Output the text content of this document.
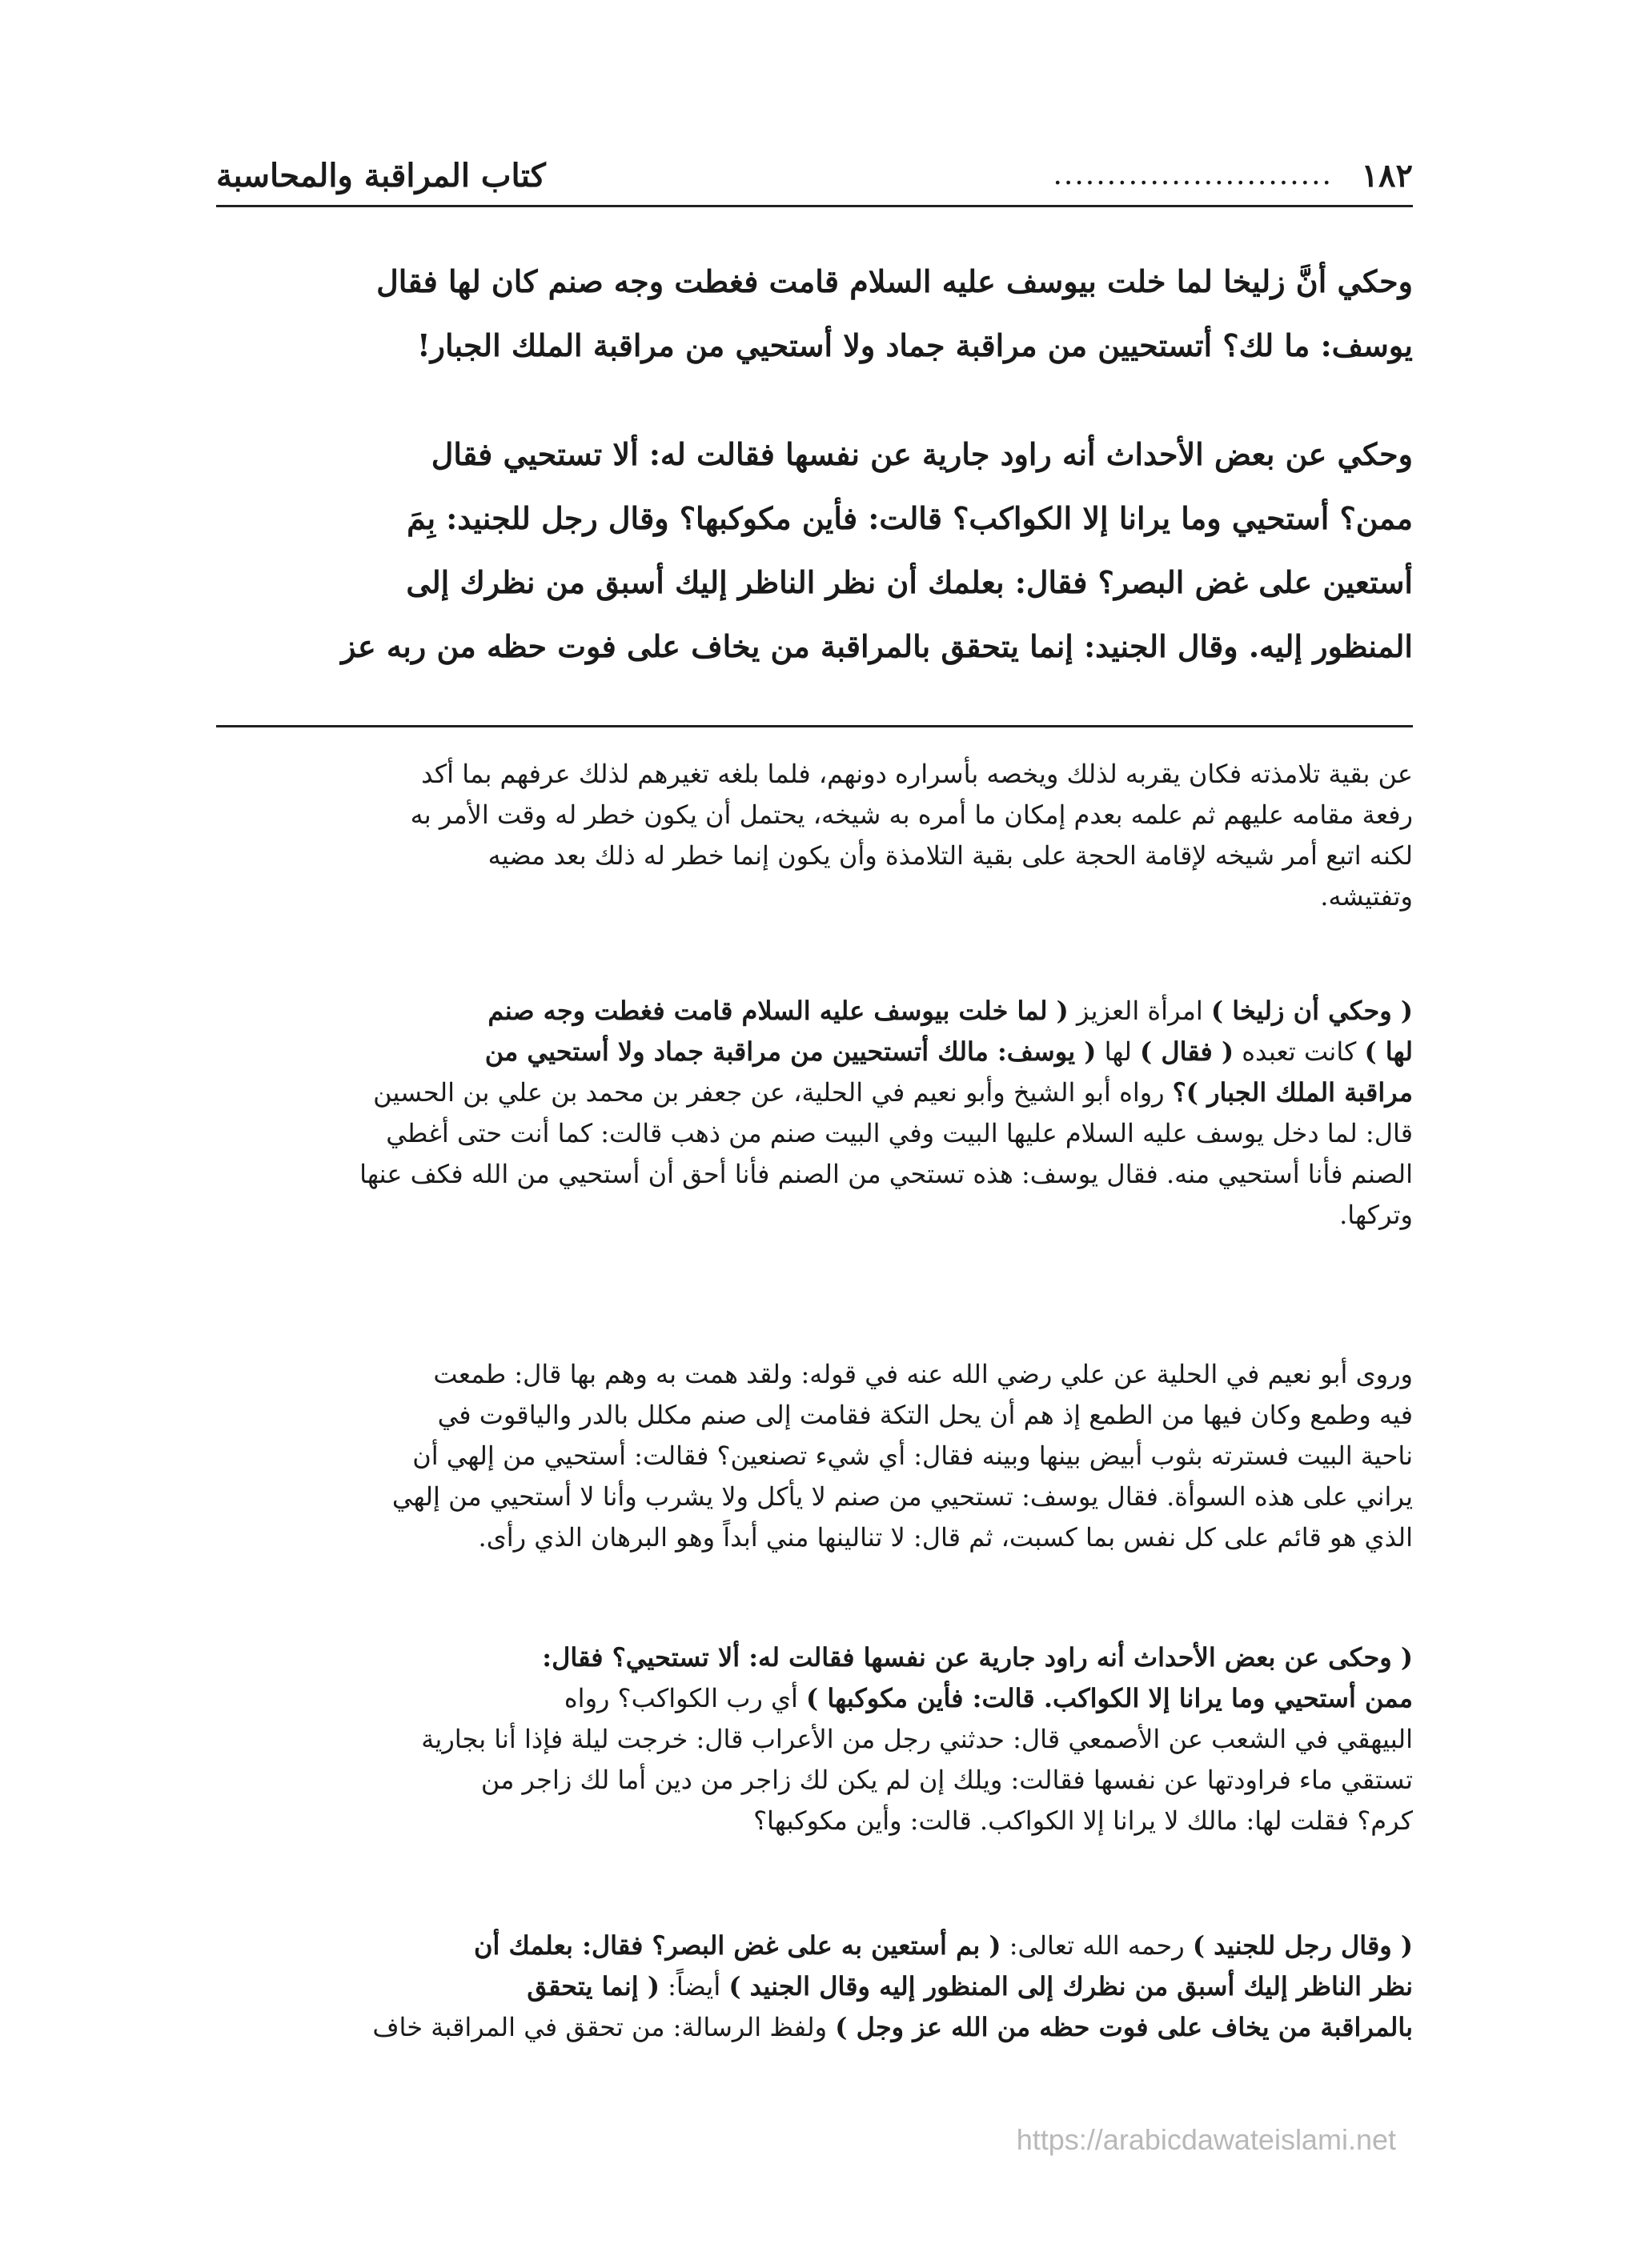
١٨٢
..........................
كتاب المراقبة والمحاسبة
وحكي أنَّ زليخا لما خلت بيوسف عليه السلام قامت فغطت وجه صنم كان لها فقال
يوسف: ما لك؟ أتستحيين من مراقبة جماد ولا أستحيي من مراقبة الملك الجبار!
وحكي عن بعض الأحداث أنه راود جارية عن نفسها فقالت له: ألا تستحيي فقال
ممن؟ أستحيي وما يرانا إلا الكواكب؟ قالت: فأين مكوكبها؟ وقال رجل للجنيد: بِمَ
أستعين على غض البصر؟ فقال: بعلمك أن نظر الناظر إليك أسبق من نظرك إلى
المنظور إليه. وقال الجنيد: إنما يتحقق بالمراقبة من يخاف على فوت حظه من ربه عز
عن بقية تلامذته فكان يقربه لذلك ويخصه بأسراره دونهم، فلما بلغه تغيرهم لذلك عرفهم بما أكد
رفعة مقامه عليهم ثم علمه بعدم إمكان ما أمره به شيخه، يحتمل أن يكون خطر له وقت الأمر به
لكنه اتبع أمر شيخه لإقامة الحجة على بقية التلامذة وأن يكون إنما خطر له ذلك بعد مضيه
وتفتيشه.
( وحكي أن زليخا ) امرأة العزيز ( لما خلت بيوسف عليه السلام قامت فغطت وجه صنم
لها ) كانت تعبده ( فقال ) لها ( يوسف: مالك أتستحيين من مراقبة جماد ولا أستحيي من
مراقبة الملك الجبار )؟ رواه أبو الشيخ وأبو نعيم في الحلية، عن جعفر بن محمد بن علي بن الحسين
قال: لما دخل يوسف عليه السلام عليها البيت وفي البيت صنم من ذهب قالت: كما أنت حتى أغطي
الصنم فأنا أستحيي منه. فقال يوسف: هذه تستحي من الصنم فأنا أحق أن أستحيي من الله فكف عنها
وتركها.
وروى أبو نعيم في الحلية عن علي رضي الله عنه في قوله: ولقد همت به وهم بها قال: طمعت
فيه وطمع وكان فيها من الطمع إذ هم أن يحل التكة فقامت إلى صنم مكلل بالدر والياقوت في
ناحية البيت فسترته بثوب أبيض بينها وبينه فقال: أي شيء تصنعين؟ فقالت: أستحيي من إلهي أن
يراني على هذه السوأة. فقال يوسف: تستحيي من صنم لا يأكل ولا يشرب وأنا لا أستحيي من إلهي
الذي هو قائم على كل نفس بما كسبت، ثم قال: لا تنالينها مني أبداً وهو البرهان الذي رأى.
( وحكى عن بعض الأحداث أنه راود جارية عن نفسها فقالت له: ألا تستحيي؟ فقال:
ممن أستحيي وما يرانا إلا الكواكب. قالت: فأين مكوكبها ) أي رب الكواكب؟ رواه
البيهقي في الشعب عن الأصمعي قال: حدثني رجل من الأعراب قال: خرجت ليلة فإذا أنا بجارية
تستقي ماء فراودتها عن نفسها فقالت: ويلك إن لم يكن لك زاجر من دين أما لك زاجر من
كرم؟ فقلت لها: مالك لا يرانا إلا الكواكب. قالت: وأين مكوكبها؟
( وقال رجل للجنيد ) رحمه الله تعالى: ( بم أستعين به على غض البصر؟ فقال: بعلمك أن
نظر الناظر إليك أسبق من نظرك إلى المنظور إليه وقال الجنيد ) أيضاً: ( إنما يتحقق
بالمراقبة من يخاف على فوت حظه من الله عز وجل ) ولفظ الرسالة: من تحقق في المراقبة خاف
https://arabicdawateislami.net
